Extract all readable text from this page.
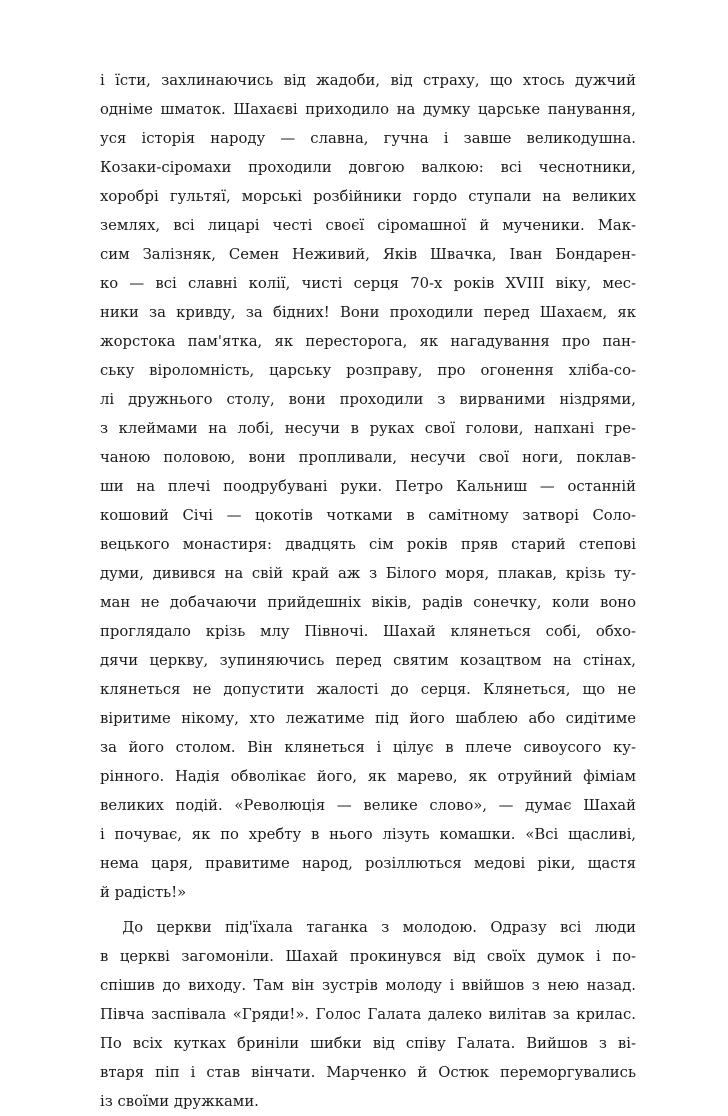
і їсти, захлинаючись від жадоби, від страху, що хтось дужчий
одніме шматок. Шахаєві приходило на думку царське панування,
уся історія народу — славна, гучна і завше великодушна.
Козаки-сіромахи проходили довгою валкою: всі чеснотники,
хоробрі гультяї, морські розбійники гордо ступали на великих
землях, всі лицарі честі своєї сіромашної й мученики. Мак-
сим Залізняк, Семен Неживий, Яків Швачка, Іван Бондарен-
ко — всі славні колії, чисті серця 70-х років XVIII віку, мес-
ники за кривду, за бідних! Вони проходили перед Шахаєм, як
жорстока пам'ятка, як пересторога, як нагадування про пан-
ську віроломність, царську розправу, про огонення хліба-со-
лі дружнього столу, вони проходили з вирваними ніздрями,
з клеймами на лобі, несучи в руках свої голови, напхані гре-
чаною половою, вони пропливали, несучи свої ноги, поклав-
ши на плечі поодрубувані руки. Петро Кальниш — останній
кошовий Січі — цокотів чотками в самітному затворі Соло-
вецького монастиря: двадцять сім років пряв старий степові
думи, дивився на свій край аж з Білого моря, плакав, крізь ту-
ман не добачаючи прийдешніх віків, радів сонечку, коли воно
проглядало крізь млу Півночі. Шахай клянеться собі, обхо-
дячи церкву, зупиняючись перед святим козацтвом на стінах,
клянеться не допустити жалості до серця. Клянеться, що не
віритиме нікому, хто лежатиме під його шаблею або сидітиме
за його столом. Він клянеться і цілує в плече сивоусого ку-
рінного. Надія обволікає його, як марево, як отруйний фіміам
великих подій. «Революція — велике слово», — думає Шахай
і почуває, як по хребту в нього лізуть комашки. «Всі щасливі,
нема царя, правитиме народ, розіллються медові ріки, щастя
й радість!»
До церкви під'їхала таганка з молодою. Одразу всі люди
в церкві загомоніли. Шахай прокинувся від своїх думок і по-
спішив до виходу. Там він зустрів молоду і ввійшов з нею назад.
Півча заспівала «Гряди!». Голос Галата далеко вилітав за крилас.
По всіх кутках бриніли шибки від співу Галата. Вийшов з ві-
втаря піп і став вінчати. Марченко й Остюк переморгувались
із своїми дружками.
